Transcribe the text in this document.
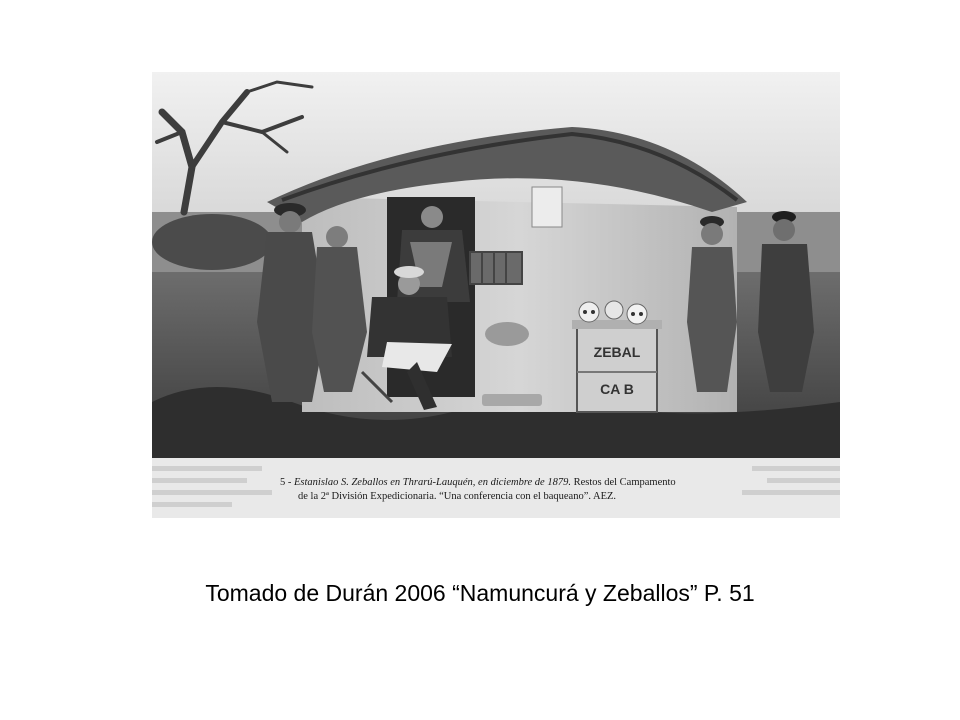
ZEBAL
CA B
5 - Estanislao S. Zeballos en Thrarú-Lauquén, en diciembre de 1879. Restos del Campamento
de la 2ª División Expedicionaria. “Una conferencia con el baqueano”. AEZ.
Tomado de Durán 2006 “Namuncurá y Zeballos” P. 51
